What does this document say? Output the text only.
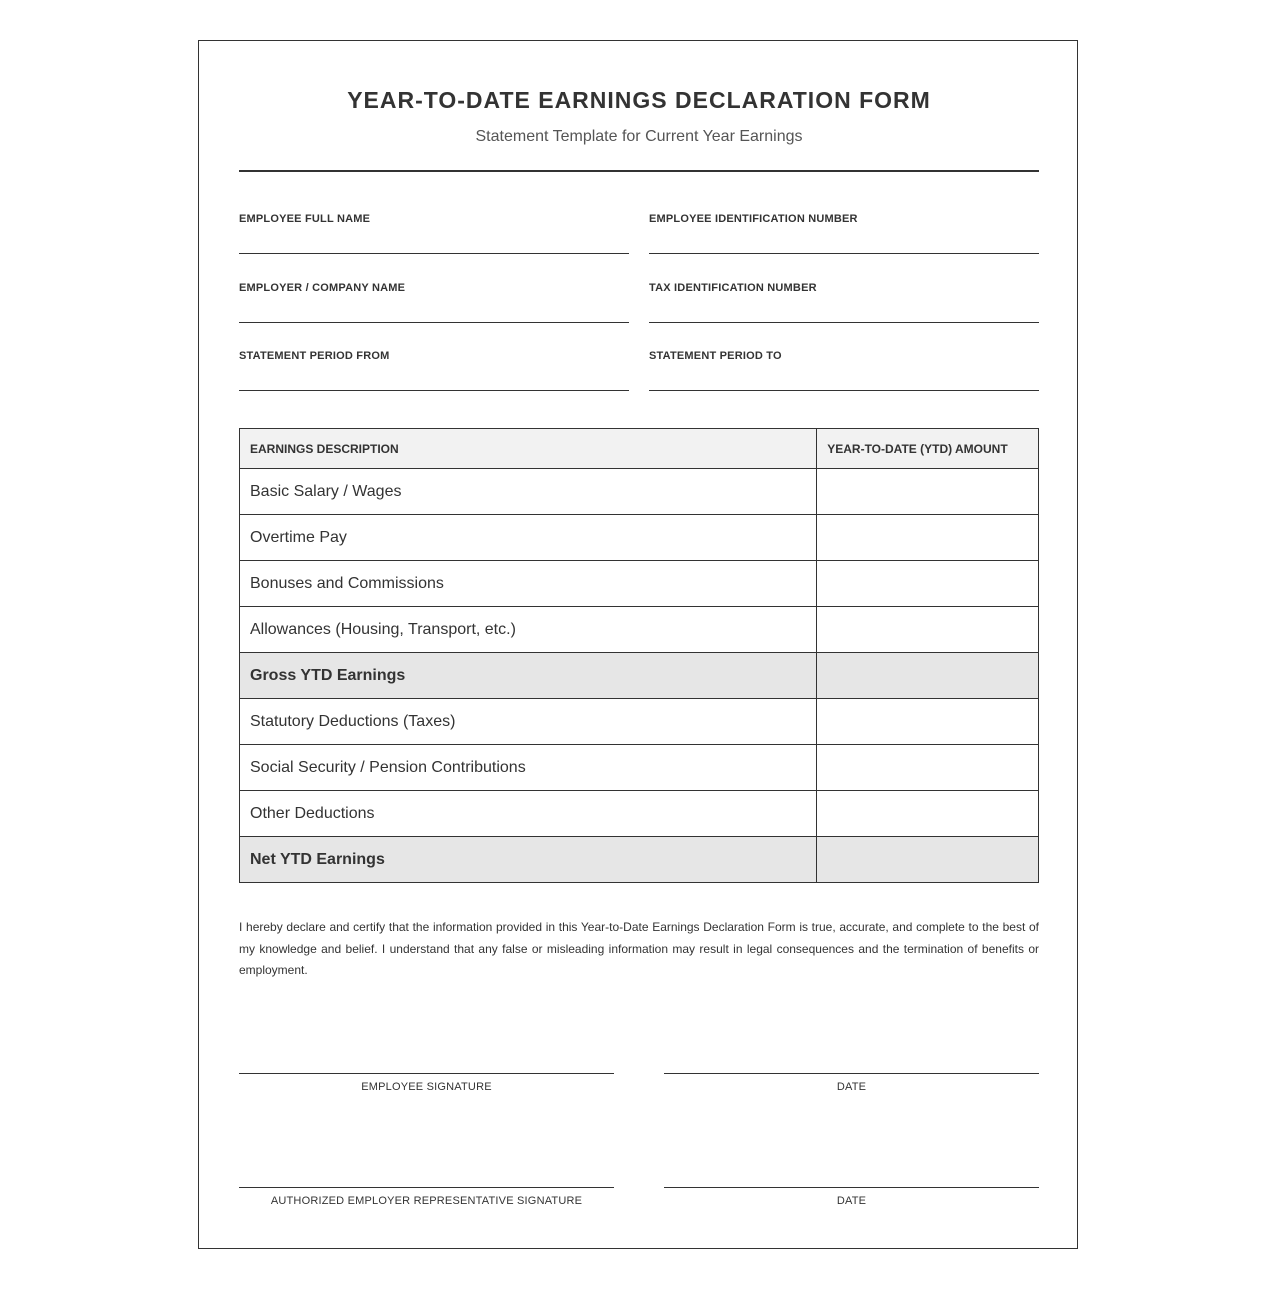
YEAR-TO-DATE EARNINGS DECLARATION FORM
Statement Template for Current Year Earnings
EMPLOYEE FULL NAME	EMPLOYEE IDENTIFICATION NUMBER
EMPLOYER / COMPANY NAME	TAX IDENTIFICATION NUMBER
STATEMENT PERIOD FROM	STATEMENT PERIOD TO
EARNINGS DESCRIPTION	YEAR-TO-DATE (YTD) AMOUNT
Basic Salary / Wages	
Overtime Pay	
Bonuses and Commissions	
Allowances (Housing, Transport, etc.)	
Gross YTD Earnings	
Statutory Deductions (Taxes)	
Social Security / Pension Contributions	
Other Deductions	
Net YTD Earnings	
I hereby declare and certify that the information provided in this Year-to-Date Earnings Declaration Form is true, accurate, and complete to the best of my knowledge and belief. I understand that any false or misleading information may result in legal consequences and the termination of benefits or employment.
EMPLOYEE SIGNATURE	DATE
AUTHORIZED EMPLOYER REPRESENTATIVE SIGNATURE	DATE
